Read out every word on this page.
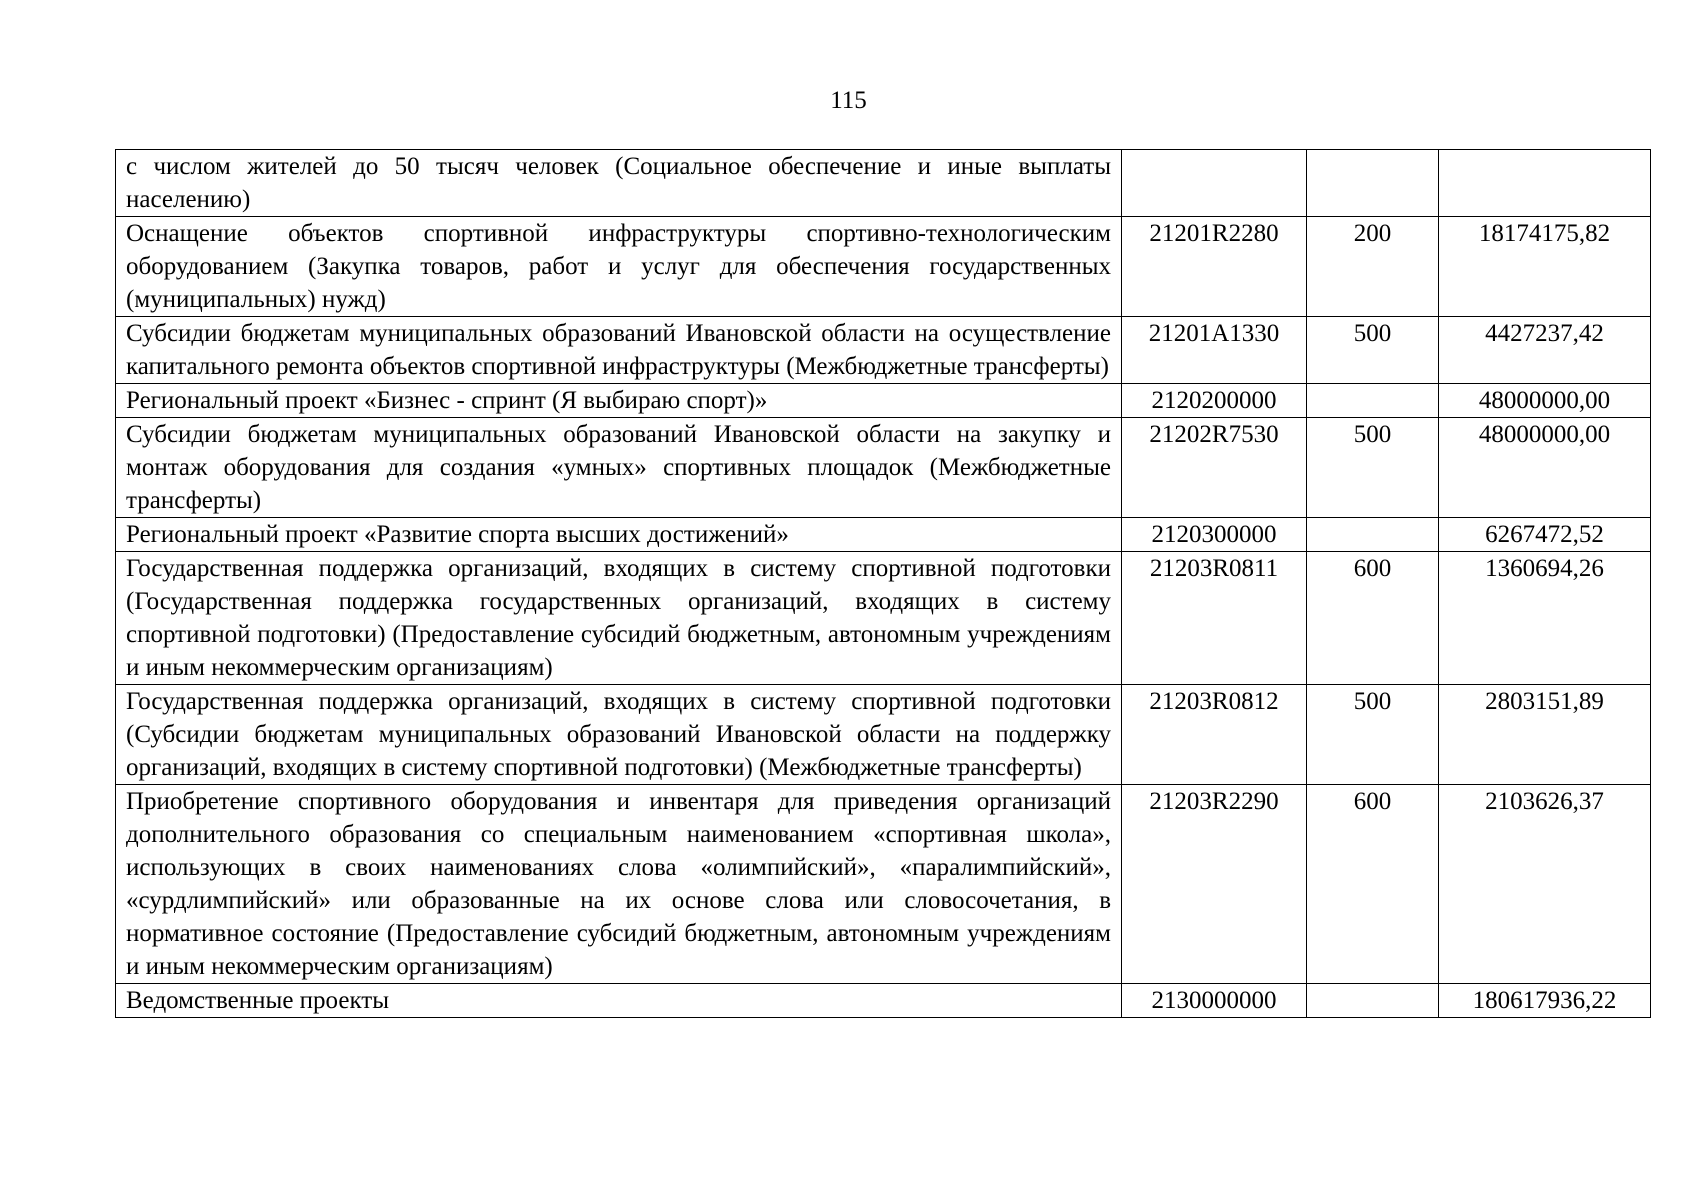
115
с числом жителей до 50 тысяч человек (Социальное обеспечение и иные выплаты населению)			
Оснащение объектов спортивной инфраструктуры спортивно-технологическим оборудованием (Закупка товаров, работ и услуг для обеспечения государственных (муниципальных) нужд)	21201R2280	200	18174175,82
Субсидии бюджетам муниципальных образований Ивановской области на осуществление капитального ремонта объектов спортивной инфраструктуры (Межбюджетные трансферты)	21201A1330	500	4427237,42
Региональный проект «Бизнес - спринт (Я выбираю спорт)»	2120200000		48000000,00
Субсидии бюджетам муниципальных образований Ивановской области на закупку и монтаж оборудования для создания «умных» спортивных площадок (Межбюджетные трансферты)	21202R7530	500	48000000,00
Региональный проект «Развитие спорта высших достижений»	2120300000		6267472,52
Государственная поддержка организаций, входящих в систему спортивной подготовки (Государственная поддержка государственных организаций, входящих в систему спортивной подготовки) (Предоставление субсидий бюджетным, автономным учреждениям и иным некоммерческим организациям)	21203R0811	600	1360694,26
Государственная поддержка организаций, входящих в систему спортивной подготовки (Субсидии бюджетам муниципальных образований Ивановской области на поддержку организаций, входящих в систему спортивной подготовки) (Межбюджетные трансферты)	21203R0812	500	2803151,89
Приобретение спортивного оборудования и инвентаря для приведения организаций дополнительного образования со специальным наименованием «спортивная школа», использующих в своих наименованиях слова «олимпийский», «паралимпийский», «сурдлимпийский» или образованные на их основе слова или словосочетания, в нормативное состояние (Предоставление субсидий бюджетным, автономным учреждениям и иным некоммерческим организациям)	21203R2290	600	2103626,37
Ведомственные проекты	2130000000		180617936,22
